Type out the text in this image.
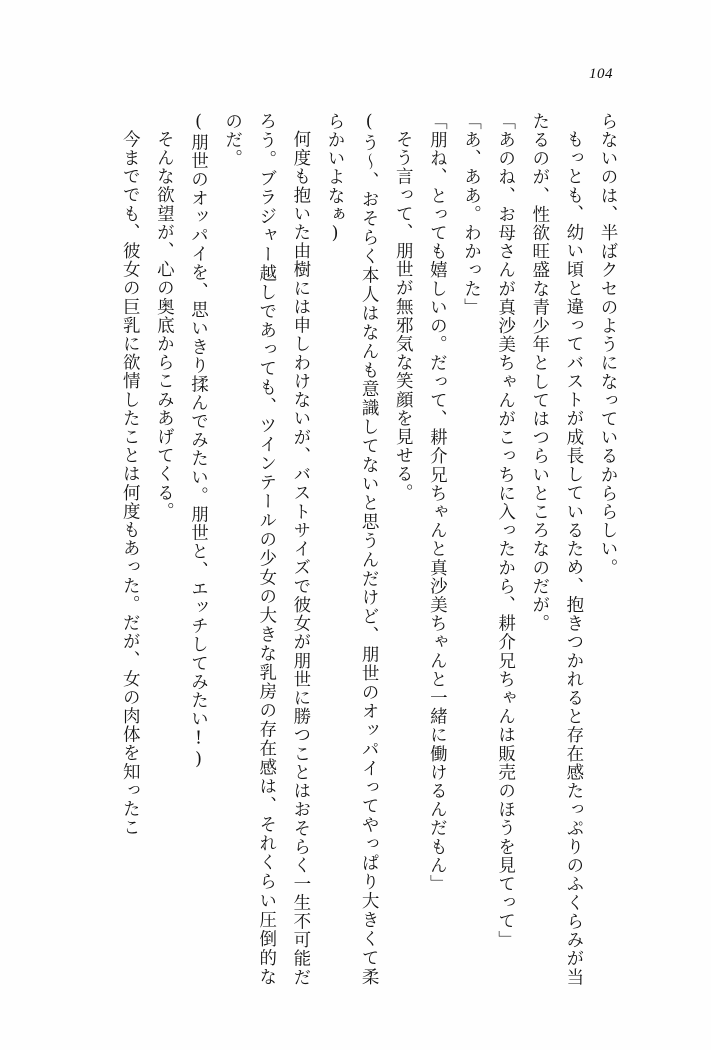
104

らないのは、半ばクセのようになっているかららしい。

もっとも、幼い頃と違ってバストが成長しているため、抱きつかれると存在感たっぷりのふくらみが当たるのが、性欲旺盛な青少年としてはつらいところなのだが。

「あのね、お母さんが真沙美ちゃんがこっちに入ったから、耕介兄ちゃんは販売のほうを見てって」

「あ、ああ。わかった」

「朋ね、とっても嬉しいの。だって、耕介兄ちゃんと真沙美ちゃんと一緒に働けるんだもん」

そう言って、朋世が無邪気な笑顔を見せる。

(う～、おそらく本人はなんも意識してないと思うんだけど、朋世のオッパイってやっぱり大きくて柔らかいよなぁ)

何度も抱いた由樹には申しわけないが、バストサイズで彼女が朋世に勝つことはおそらく一生不可能だろう。ブラジャー越しであっても、ツインテールの少女の大きな乳房の存在感は、それくらい圧倒的なのだ。

(朋世のオッパイを、思いきり揉んでみたい。朋世と、エッチしてみたい!)

そんな欲望が、心の奥底からこみあげてくる。

今まででも、彼女の巨乳に欲情したことは何度もあった。だが、女の肉体を知ったこ
